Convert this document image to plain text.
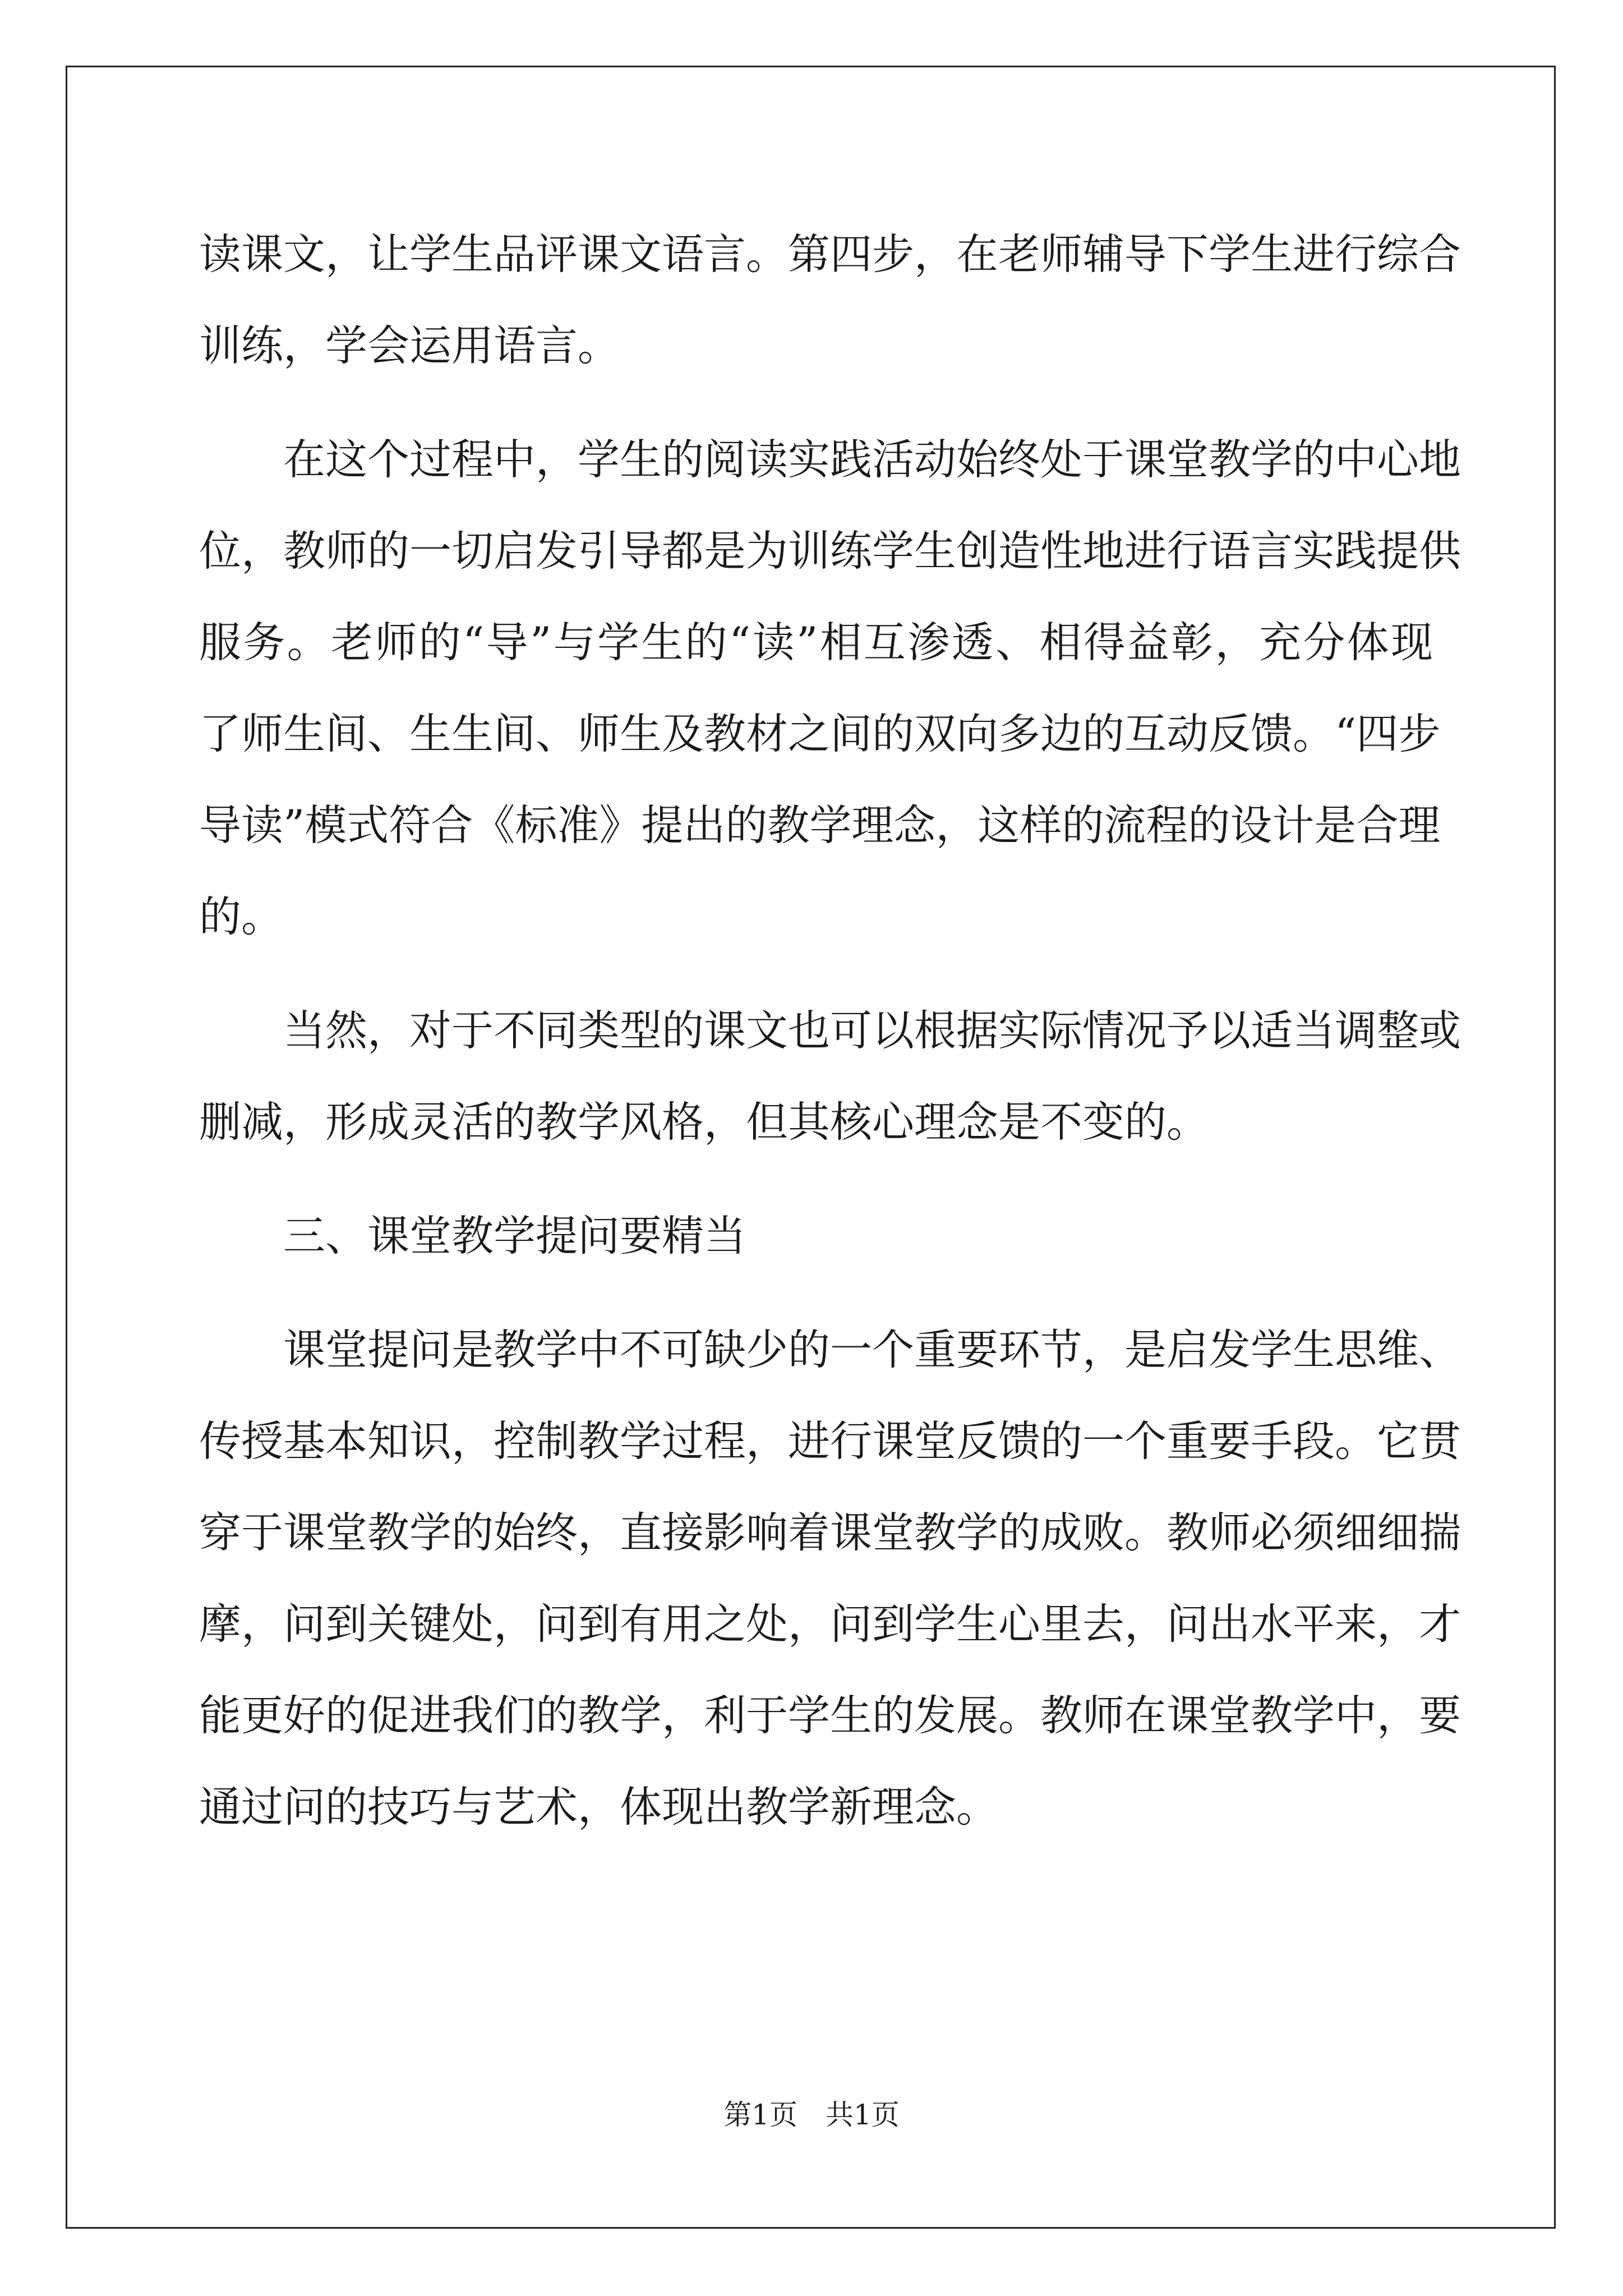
读课文，让学生品评课文语言。第四步，在老师辅导下学生进行综合
训练，学会运用语言。
在这个过程中，学生的阅读实践活动始终处于课堂教学的中心地
位，教师的一切启发引导都是为训练学生创造性地进行语言实践提供
服务。老师的“导”与学生的“读”相互渗透、相得益彰，充分体现
了师生间、生生间、师生及教材之间的双向多边的互动反馈。“四步
导读”模式符合《标准》提出的教学理念，这样的流程的设计是合理
的。
当然，对于不同类型的课文也可以根据实际情况予以适当调整或
删减，形成灵活的教学风格，但其核心理念是不变的。
三、课堂教学提问要精当
课堂提问是教学中不可缺少的一个重要环节，是启发学生思维、
传授基本知识，控制教学过程，进行课堂反馈的一个重要手段。它贯
穿于课堂教学的始终，直接影响着课堂教学的成败。教师必须细细揣
摩，问到关键处，问到有用之处，问到学生心里去，问出水平来，才
能更好的促进我们的教学，利于学生的发展。教师在课堂教学中，要
通过问的技巧与艺术，体现出教学新理念。
第1页 共1页
